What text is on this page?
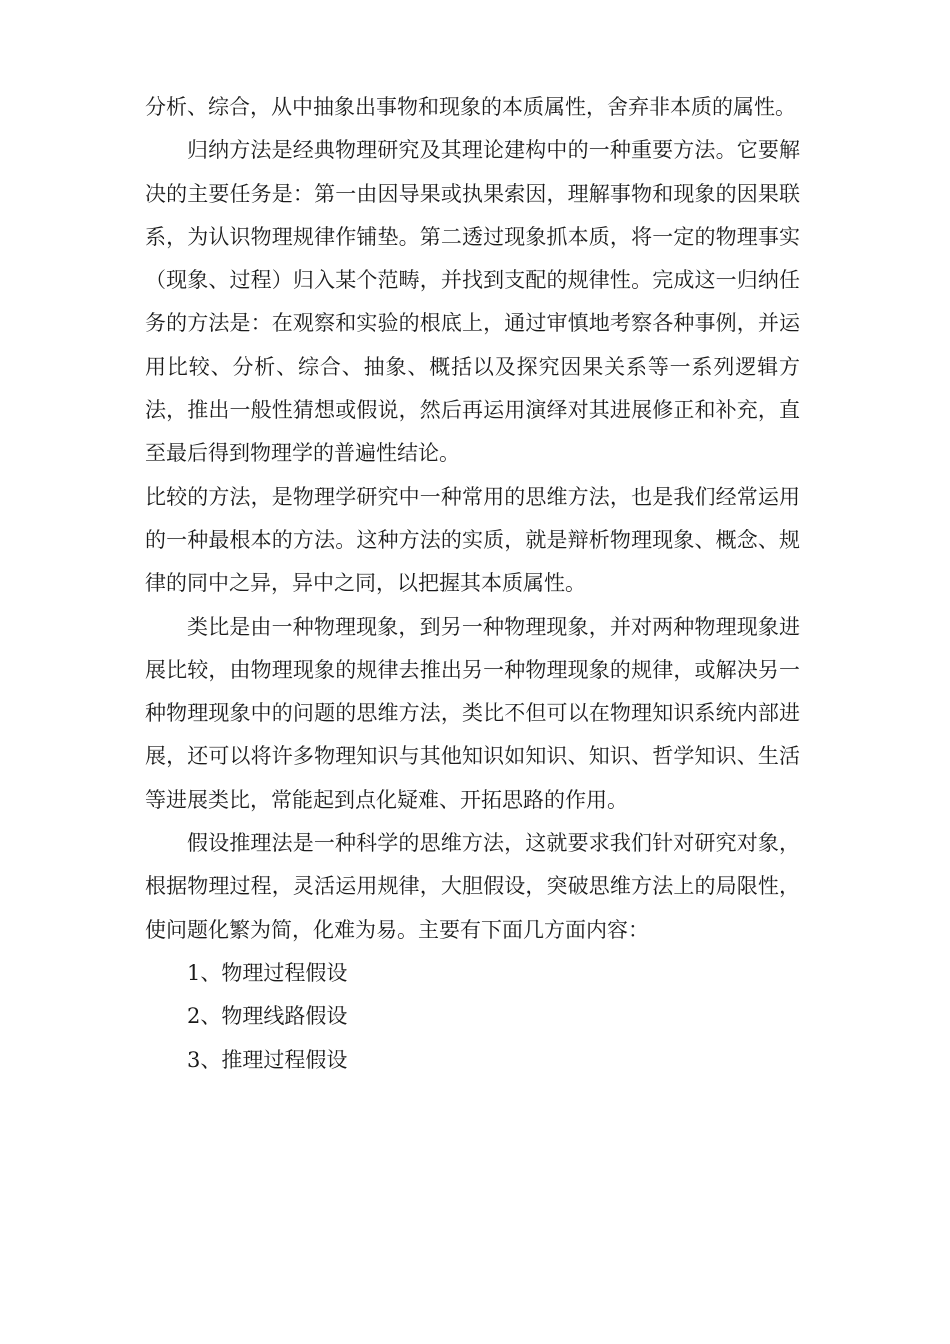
分析、综合，从中抽象出事物和现象的本质属性，舍弃非本质的属性。

归纳方法是经典物理研究及其理论建构中的一种重要方法。它要解决的主要任务是：第一由因导果或执果索因，理解事物和现象的因果联系，为认识物理规律作铺垫。第二透过现象抓本质，将一定的物理事实（现象、过程）归入某个范畴，并找到支配的规律性。完成这一归纳任务的方法是：在观察和实验的根底上，通过审慎地考察各种事例，并运用比较、分析、综合、抽象、概括以及探究因果关系等一系列逻辑方法，推出一般性猜想或假说，然后再运用演绎对其进展修正和补充，直至最后得到物理学的普遍性结论。

比较的方法，是物理学研究中一种常用的思维方法，也是我们经常运用的一种最根本的方法。这种方法的实质，就是辩析物理现象、概念、规律的同中之异，异中之同，以把握其本质属性。

类比是由一种物理现象，到另一种物理现象，并对两种物理现象进展比较，由物理现象的规律去推出另一种物理现象的规律，或解决另一种物理现象中的问题的思维方法，类比不但可以在物理知识系统内部进展，还可以将许多物理知识与其他知识如知识、知识、哲学知识、生活等进展类比，常能起到点化疑难、开拓思路的作用。

假设推理法是一种科学的思维方法，这就要求我们针对研究对象，根据物理过程，灵活运用规律，大胆假设，突破思维方法上的局限性，使问题化繁为简，化难为易。主要有下面几方面内容：

1、物理过程假设

2、物理线路假设

3、推理过程假设
